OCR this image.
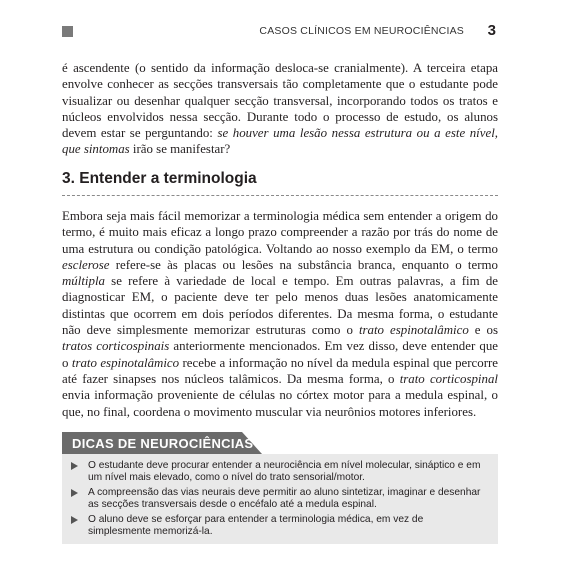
CASOS CLÍNICOS EM NEUROCIÊNCIAS 3

é ascendente (o sentido da informação desloca-se cranialmente). A terceira etapa envolve conhecer as secções transversais tão completamente que o estudante pode visualizar ou desenhar qualquer secção transversal, incorporando todos os tratos e núcleos envolvidos nessa secção. Durante todo o processo de estudo, os alunos devem estar se perguntando: se houver uma lesão nessa estrutura ou a este nível, que sintomas irão se manifestar?

3. Entender a terminologia

Embora seja mais fácil memorizar a terminologia médica sem entender a origem do termo, é muito mais eficaz a longo prazo compreender a razão por trás do nome de uma estrutura ou condição patológica. Voltando ao nosso exemplo da EM, o termo esclerose refere-se às placas ou lesões na substância branca, enquanto o termo múltipla se refere à variedade de local e tempo. Em outras palavras, a fim de diagnosticar EM, o paciente deve ter pelo menos duas lesões anatomicamente distintas que ocorrem em dois períodos diferentes. Da mesma forma, o estudante não deve simplesmente memorizar estruturas como o trato espinotalâmico e os tratos corticospinais anteriormente mencionados. Em vez disso, deve entender que o trato espinotalâmico recebe a informação no nível da medula espinal que percorre até fazer sinapses nos núcleos talâmicos. Da mesma forma, o trato corticospinal envia informação proveniente de células no córtex motor para a medula espinal, o que, no final, coordena o movimento muscular via neurônios motores inferiores.

DICAS DE NEUROCIÊNCIAS
O estudante deve procurar entender a neurociência em nível molecular, sináptico e em um nível mais elevado, como o nível do trato sensorial/motor.
A compreensão das vias neurais deve permitir ao aluno sintetizar, imaginar e desenhar as secções transversais desde o encéfalo até a medula espinal.
O aluno deve se esforçar para entender a terminologia médica, em vez de simplesmente memorizá-la.
